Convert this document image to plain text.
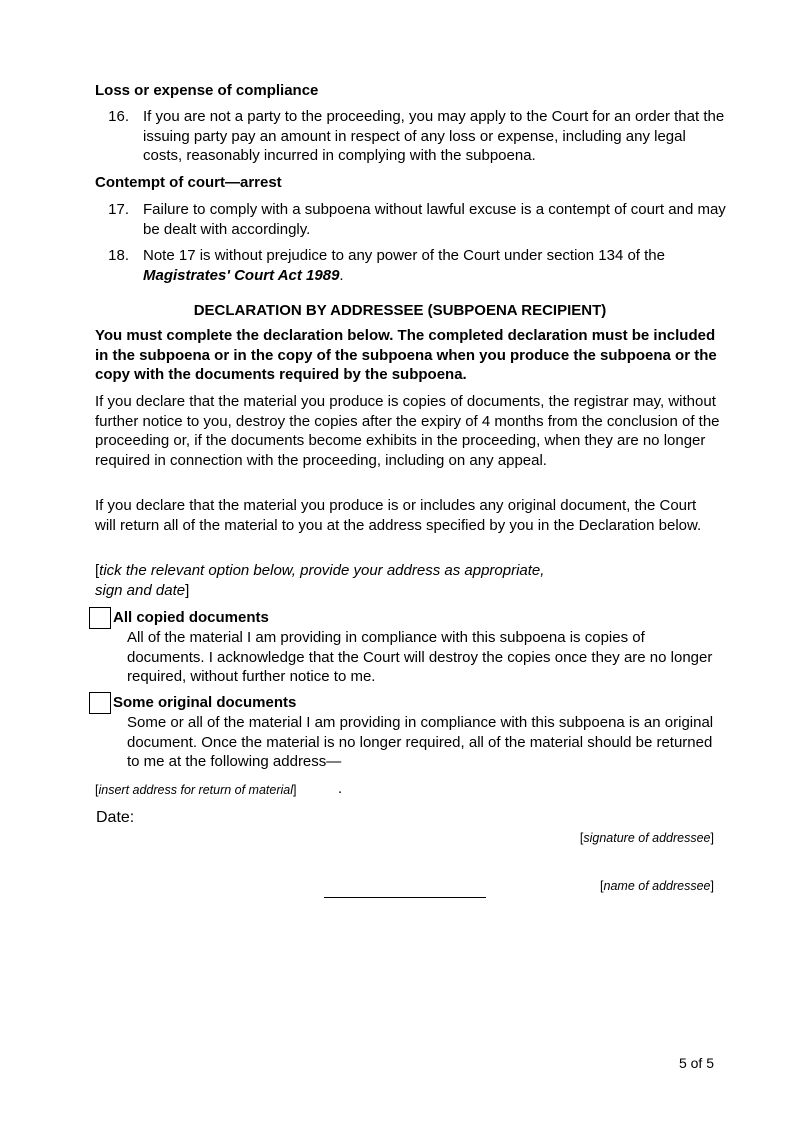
Loss or expense of compliance
16. If you are not a party to the proceeding, you may apply to the Court for an order that the issuing party pay an amount in respect of any loss or expense, including any legal costs, reasonably incurred in complying with the subpoena.
Contempt of court—arrest
17. Failure to comply with a subpoena without lawful excuse is a contempt of court and may be dealt with accordingly.
18. Note 17 is without prejudice to any power of the Court under section 134 of the Magistrates' Court Act 1989.
DECLARATION BY ADDRESSEE (SUBPOENA RECIPIENT)
You must complete the declaration below. The completed declaration must be included in the subpoena or in the copy of the subpoena when you produce the subpoena or the copy with the documents required by the subpoena.
If you declare that the material you produce is copies of documents, the registrar may, without further notice to you, destroy the copies after the expiry of 4 months from the conclusion of the proceeding or, if the documents become exhibits in the proceeding, when they are no longer required in connection with the proceeding, including on any appeal.
If you declare that the material you produce is or includes any original document, the Court will return all of the material to you at the address specified by you in the Declaration below.
[tick the relevant option below, provide your address as appropriate,
sign and date]
All copied documents
All of the material I am providing in compliance with this subpoena is copies of documents. I acknowledge that the Court will destroy the copies once they are no longer required, without further notice to me.
Some original documents
Some or all of the material I am providing in compliance with this subpoena is an original document. Once the material is no longer required, all of the material should be returned to me at the following address—
[insert address for return of material]	.
Date:
[signature of addressee]
[name of addressee]
5 of 5
